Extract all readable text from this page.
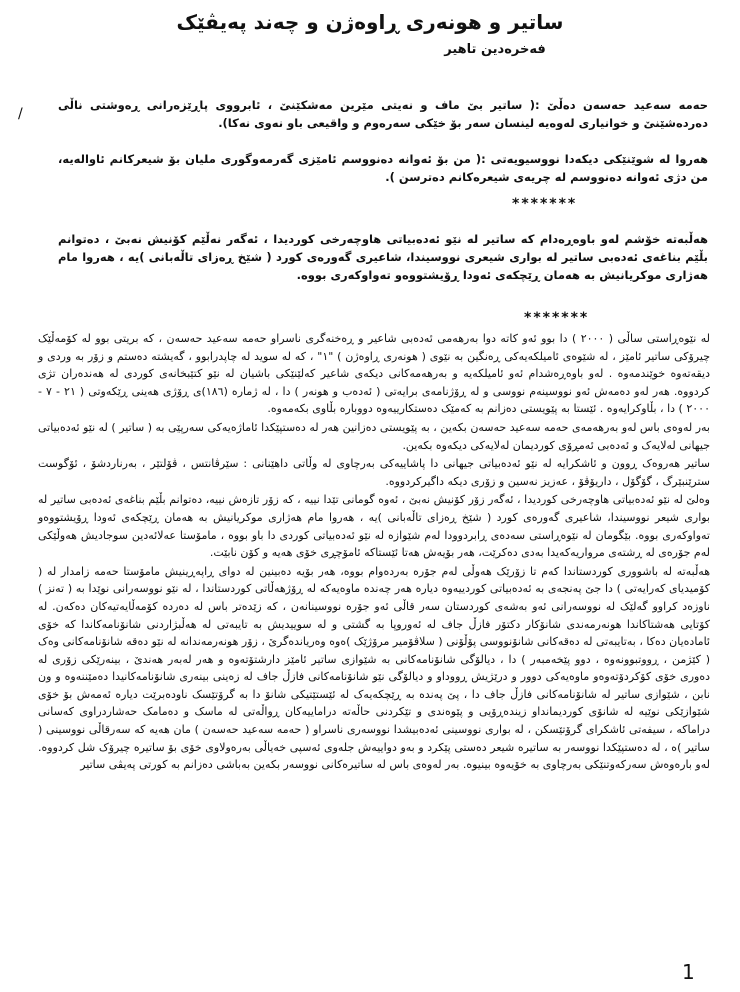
ساتیر و هونەری ڕاوەژن و چەند پەیڤێک
فەخرەدین تاهیر
/
حەمە سەعید حەسەن دەڵێ :( ساتیر بێ ماف و نەیتی مێرین مەشکێنێ ، ئابرووی پاڕێزەرانی ڕەوشتی ناڵی دەردەشێنێ و خوانیاری لەوەیە لینسان سەر بۆ خێکی سەرەوم و واقیعی باو نەوی نەکا).
هەروا لە شوێنێکی دیکەدا نووسیویەتی :( من بۆ ئەوانە دەنووسم ئامێزی گەرمەوگوری ملیان بۆ شیعرکانم ئاوالەیە، من دژی ئەوانە دەنووسم لە چریەی شیعرەکانم دەترسن ).
*******
هەڵبەتە خۆشم لەو باوەڕەدام کە ساتیر لە نێو ئەدەبیاتی هاوچەرخی کوردیدا ، ئەگەر نەڵێم کۆنیش نەبێ ، دەتوانم بڵێم بناغەی ئەدەبی ساتیر لە بواری شیعری نووسیندا، شاعیری گەورەی کورد ( شێخ ڕەزای تاڵەبانی )یە ، هەروا مام هەژاری موکریانیش بە هەمان ڕێچکەی ئەودا ڕۆیشتووەو تەواوکەری بووە.
*******

لە نێوەڕاستی ساڵی ( ٢٠٠٠ ) دا بوو ئەو کاتە دوا بەرهەمی ئەدەبی شاعیر و ڕەخنەگری ناسراو حەمە سەعید حەسەن ، کە بریتی بوو لە کۆمەڵێک چیرۆکی ساتیر ئامێز ، لە شێوەی ئامیلکەیەکی ڕەنگین بە نێوی ( هونەری ڕاوەژن ) "١" ، کە لە سوید لە چاپدرابوو ، گەیشتە دەستم و زۆر بە وردی و دیقەتەوە خوێندمەوە . لەو باوەڕەشدام ئەو ئامیلکەیە و بەرهەمەکانی دیکەی شاعیر کەلێنێکی باشیان لە نێو کتێبخانەی کوردی لە هەندەران تژی کردووە. هەر لەو دەمەش ئەو نووسینەم نووسی و لە ڕۆژنامەی برایەتی ( ئەدەب و هونەر ) دا ، لە ژمارە (١٨٦)ی ڕۆژی هەینی ڕێکەوتی ( ٢١ - ٧ - ٢٠٠٠ ) دا ، بڵاوکرایەوە . ئێستا بە پێویستی دەزانم بە کەمێک دەستکارییەوە دووبارە بڵاوی بکەمەوە.

بەر لەوەی باس لەو بەرهەمەی حەمە سەعید حەسەن بکەین ، بە پێویستی دەزانین هەر لە دەستپێکدا ئاماژەیەکی سەرپێی بە ( ساتیر ) لە نێو ئەدەبیاتی جیهانی لەلایەک و ئەدەبی ئەمڕۆی کوردیمان لەلایەکی دیکەوە بکەین.

ساتیر هەروەک ڕوون و ئاشکرایە لە نێو ئەدەبیاتی جیهانی دا پاشاییەکی بەرچاوی لە وڵاتی داهێنانی : سێرڤانتس ، ڤۆلتێر ، بەرناردشۆ ، ئۆگوست سترێنبێرگ ، گۆگۆل ، داریۆڤۆ ، عەزیز نەسین و زۆری دیکە داگیرکردووە.

وەلێ لە نێو ئەدەبیاتی هاوچەرخی کوردیدا ، ئەگەر زۆر کۆنیش نەبێ ، ئەوە گومانی تێدا نییە ، کە زۆر تازەش نییە، دەتوانم بڵێم بناغەی ئەدەبی ساتیر لە بواری شیعر نووسیندا، شاعیری گەورەی کورد ( شێخ ڕەزای تاڵەبانی )یە ، هەروا مام هەژاری موکریانیش بە هەمان ڕێچکەی ئەودا ڕۆیشتووەو تەواوکەری بووە. بێگومان لە نێوەڕاستی سەدەی ڕابردوودا لەم شێوازە لە نێو ئەدەبیاتی کوردی دا باو بووە ، مامۆستا عەلائەدین سوجادیش هەوڵێکی لەم جۆرەی لە ڕشتەی مرواریەکەیدا بەدی دەکرێت، هەر بۆیەش هەتا ئێستاکە ئامۆچڕی خۆی هەیە و کۆن نابێت.

هەڵبەتە لە باشووری کوردستاندا کەم تا زۆرێک هەوڵی لەم جۆرە بەردەوام بووە، هەر بۆیە دەبینین لە دوای ڕاپەڕینیش مامۆستا حەمە زامدار لە ( کۆمیدیای کەرایەتی ) دا جێ پەنجەی بە ئەدەبیاتی کوردییەوە دیارە هەر چەندە ماوەیەکە لە ڕۆژهەڵاتی کوردستاندا ، لە نێو نووسەرانی نوێدا بە ( تەنز ) ناوزەد کراوو گەلێک لە نووسەرانی ئەو بەشەی کوردستان سەر قاڵی ئەو جۆرە نووسینانەن ، کە زێدەتر باس لە دەردە کۆمەڵایەتیەکان دەکەن. لە کۆتایی هەشتاکاندا هونەرمەندی شانۆکار دکتۆر فازڵ جاف لە ئەوروپا بە گشتی و لە سوییدیش بە تایبەتی لە هەڵبژاردنی شانۆنامەکاندا کە خۆی ئامادەیان دەکا ، بەتایبەتی لە دەقەکانی شانۆنووسی پۆڵۆنی ( سلاڤۆمیر مرۆژێک )ەوە وەریاندەگرێ ، زۆر هونەرمەندانە لە نێو دەقە شانۆنامەکانی وەک ( کێژمن ، ڕووتبوونەوە ، دوو پێخەمبەر ) دا ، دیالۆگی شانۆنامەکانی بە شێوازی ساتیر ئامێز دارشتۆتەوە و هەر لەبەر هەندێ ، بینەرێکی زۆری لە دەوری خۆی کۆکردۆتەوەو ماوەیەکی دوور و درێژیش ڕووداو و دیالۆگی نێو شانۆنامەکانی فازڵ جاف لە زەینی بینەری شانۆنامەکانیدا دەمێننەوە و ون نابن ، شێوازی ساتیر لە شانۆنامەکانی فازڵ جاف دا ، پێ پەندە بە ڕێچکەیەک لە ئێستێتیکی شانۆ دا بە گرۆتێسک ناودەبرێت دیارە ئەمەش بۆ خۆی شێوازێکی نوێیە لە شانۆی کوردیمانداو زیندەڕۆیی و پێوەندی و تێکردنی حاڵەتە دراماییەکان ڕواڵەتی لە ماسک و دەمامک حەشاردراوی کەسانی دراماکە ، سیفەتی ئاشکرای گرۆتێسکن ، لە بواری نووسینی ئەدەبیشدا نووسەری ناسراو ( حەمە سەعید حەسەن ) مان هەیە کە سەرقاڵی نووسینی ( ساتیر )ە ، لە دەستپێکدا نووسەر بە ساتیرە شیعر دەستی پێکرد و بەو دواییەش جلەوی ئەسپی خەیاڵی بەرەولاوی خۆی بۆ ساتیرە چیرۆک شل کردووە. لەو بارەوەش سەرکەوتنێکی بەرچاوی بە خۆیەوە بینیوە. بەر لەوەی باس لە ساتیرەکانی نووسەر بکەین بەباشی دەزانم بە کورتی پەیڤی ساتیر

1
